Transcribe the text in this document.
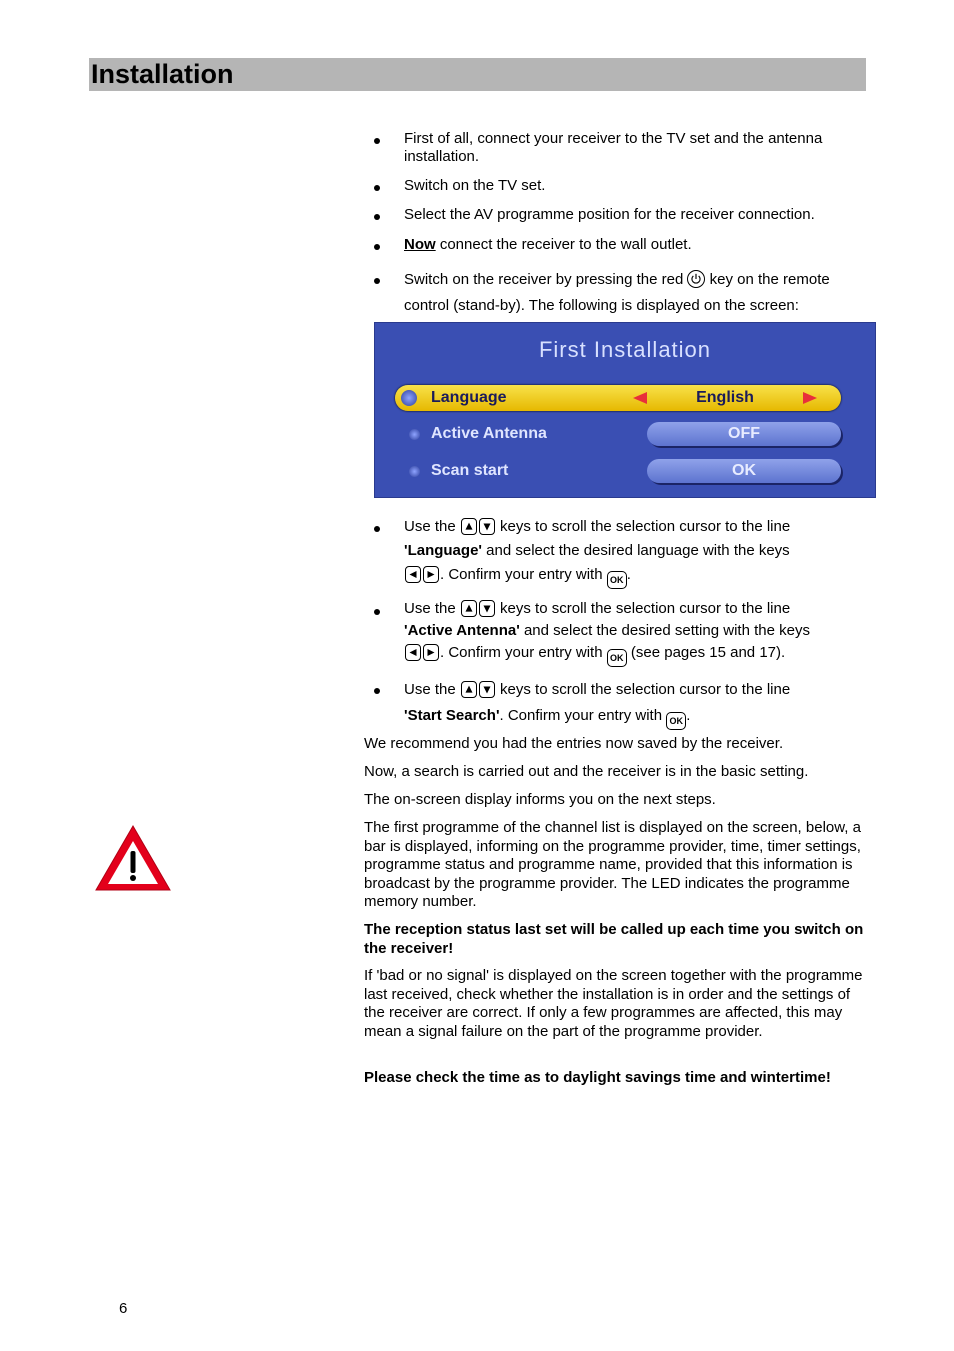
Installation
First of all, connect your receiver to the TV set and the antenna installation.
Switch on the TV set.
Select the AV programme position for the receiver connection.
Now connect the receiver to the wall outlet.
Switch on the receiver by pressing the red
key on the remote control (stand-by). The following is displayed on the screen:
First Installation
Language	English
Active Antenna	OFF
Scan start	OK
Use the	keys to scroll the selection cursor to the line
'Language' and select the desired language with the keys

. Confirm your entry with OK .
Use the	keys to scroll the selection cursor to the line
'Active Antenna' and select the desired setting with the keys

. Confirm your entry with OK (see pages 15 and 17).
Use the	keys to scroll the selection cursor to the line
'Start Search'. Confirm your entry with OK .
We recommend you had the entries now saved by the receiver.
Now, a search is carried out and the receiver is in the basic setting.
The on-screen display informs you on the next steps.
The first programme of the channel list is displayed on the screen, below, a bar is displayed, informing on the programme provider, time, timer settings, programme status and programme name, provided that this information is broadcast by the programme provider. The LED indicates the programme memory number.
The reception status last set will be called up each time you switch on the receiver!
If 'bad or no signal' is displayed on the screen together with the programme last received, check whether the installation is in order and the settings of the receiver are correct. If only a few programmes are affected, this may mean a signal failure on the part of the programme provider.
Please check the time as to daylight savings time and wintertime!
6
